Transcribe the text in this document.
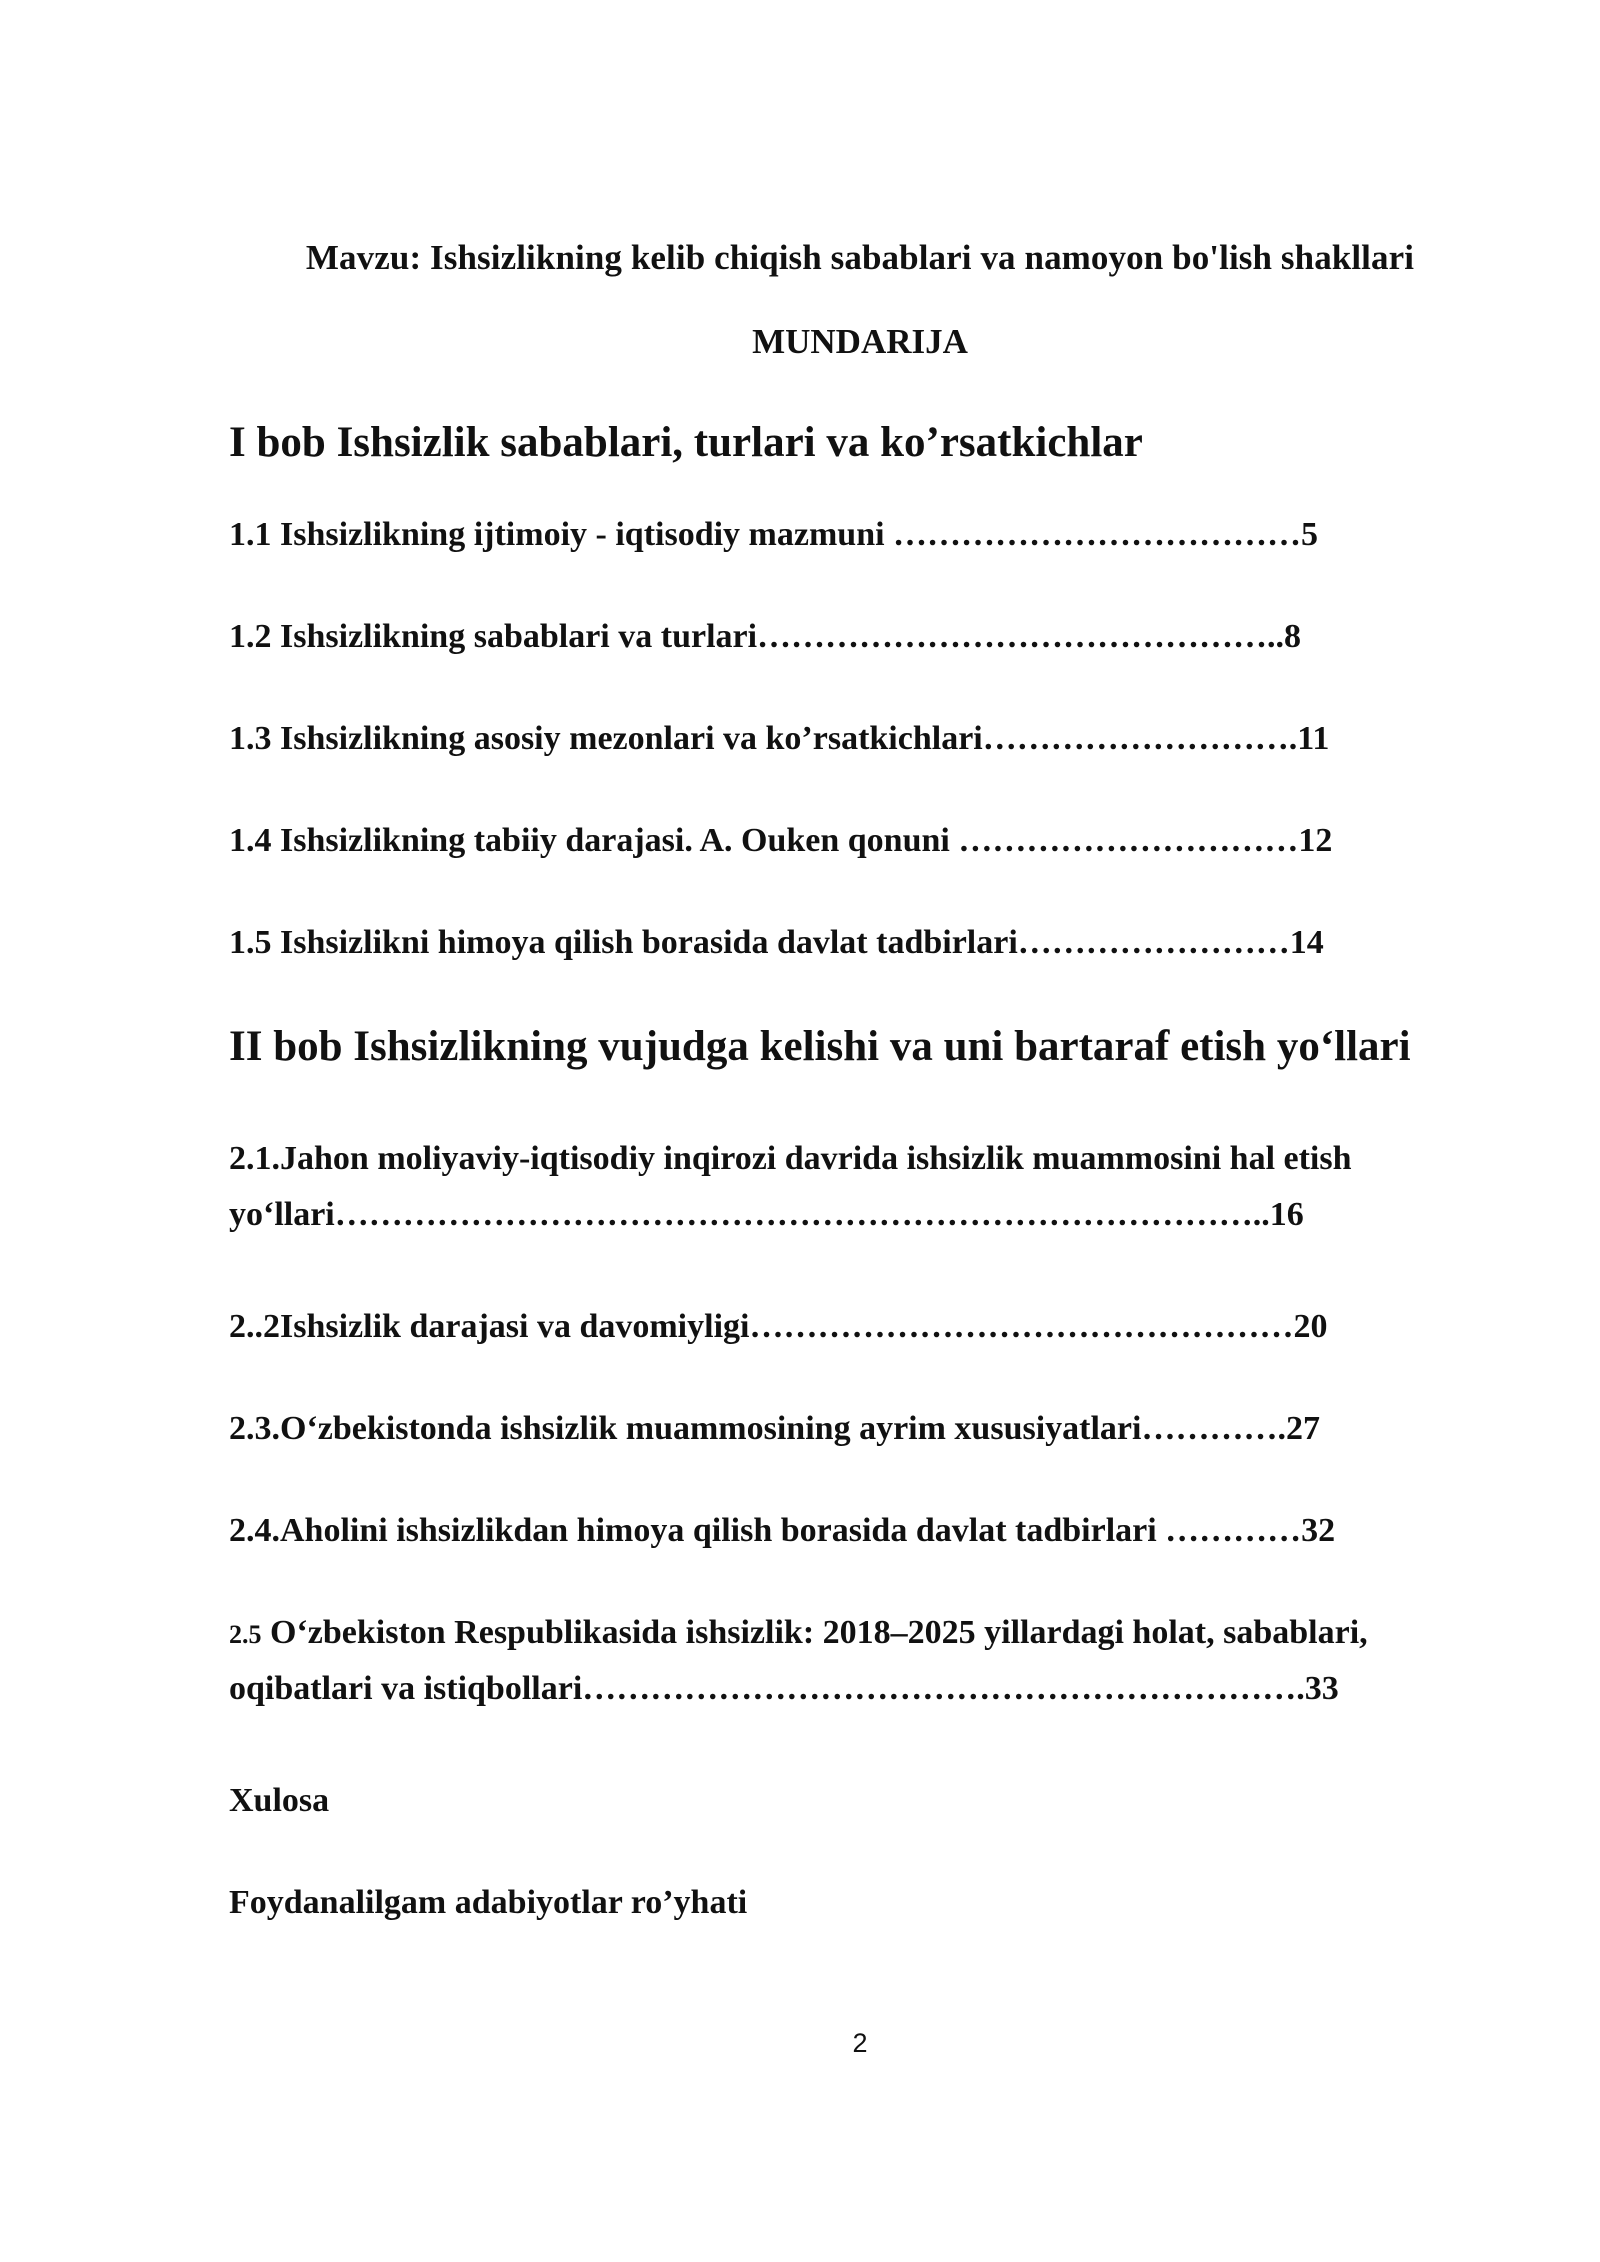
Mavzu: Ishsizlikning kelib chiqish sabablari va namoyon bo'lish shakllari
MUNDARIJA
I bob Ishsizlik sabablari, turlari va ko’rsatkichlar
1.1 Ishsizlikning ijtimoiy - iqtisodiy mazmuni ………………………………5
1.2 Ishsizlikning sabablari va turlari………………………………………..8
1.3 Ishsizlikning asosiy mezonlari va ko’rsatkichlari……………………….11
1.4 Ishsizlikning tabiiy darajasi. A. Ouken qonuni …………………………12
1.5 Ishsizlikni himoya qilish borasida davlat tadbirlari……………………14
II bob Ishsizlikning vujudga kelishi va uni bartaraf etish yo‘llari
2.1.Jahon moliyaviy-iqtisodiy inqirozi davrida ishsizlik muammosini hal etish
yo‘llari………………………………………………………………………..16
2..2Ishsizlik darajasi va davomiyligi…………………………………………20
2.3.O‘zbekistonda ishsizlik muammosining ayrim xususiyatlari………….27
2.4.Aholini ishsizlikdan himoya qilish borasida davlat tadbirlari …………32
2.5 O‘zbekiston Respublikasida ishsizlik: 2018–2025 yillardagi holat, sabablari,
oqibatlari va istiqbollari……………………………………………………….33
Xulosa
Foydanalilgam adabiyotlar ro’yhati
2
